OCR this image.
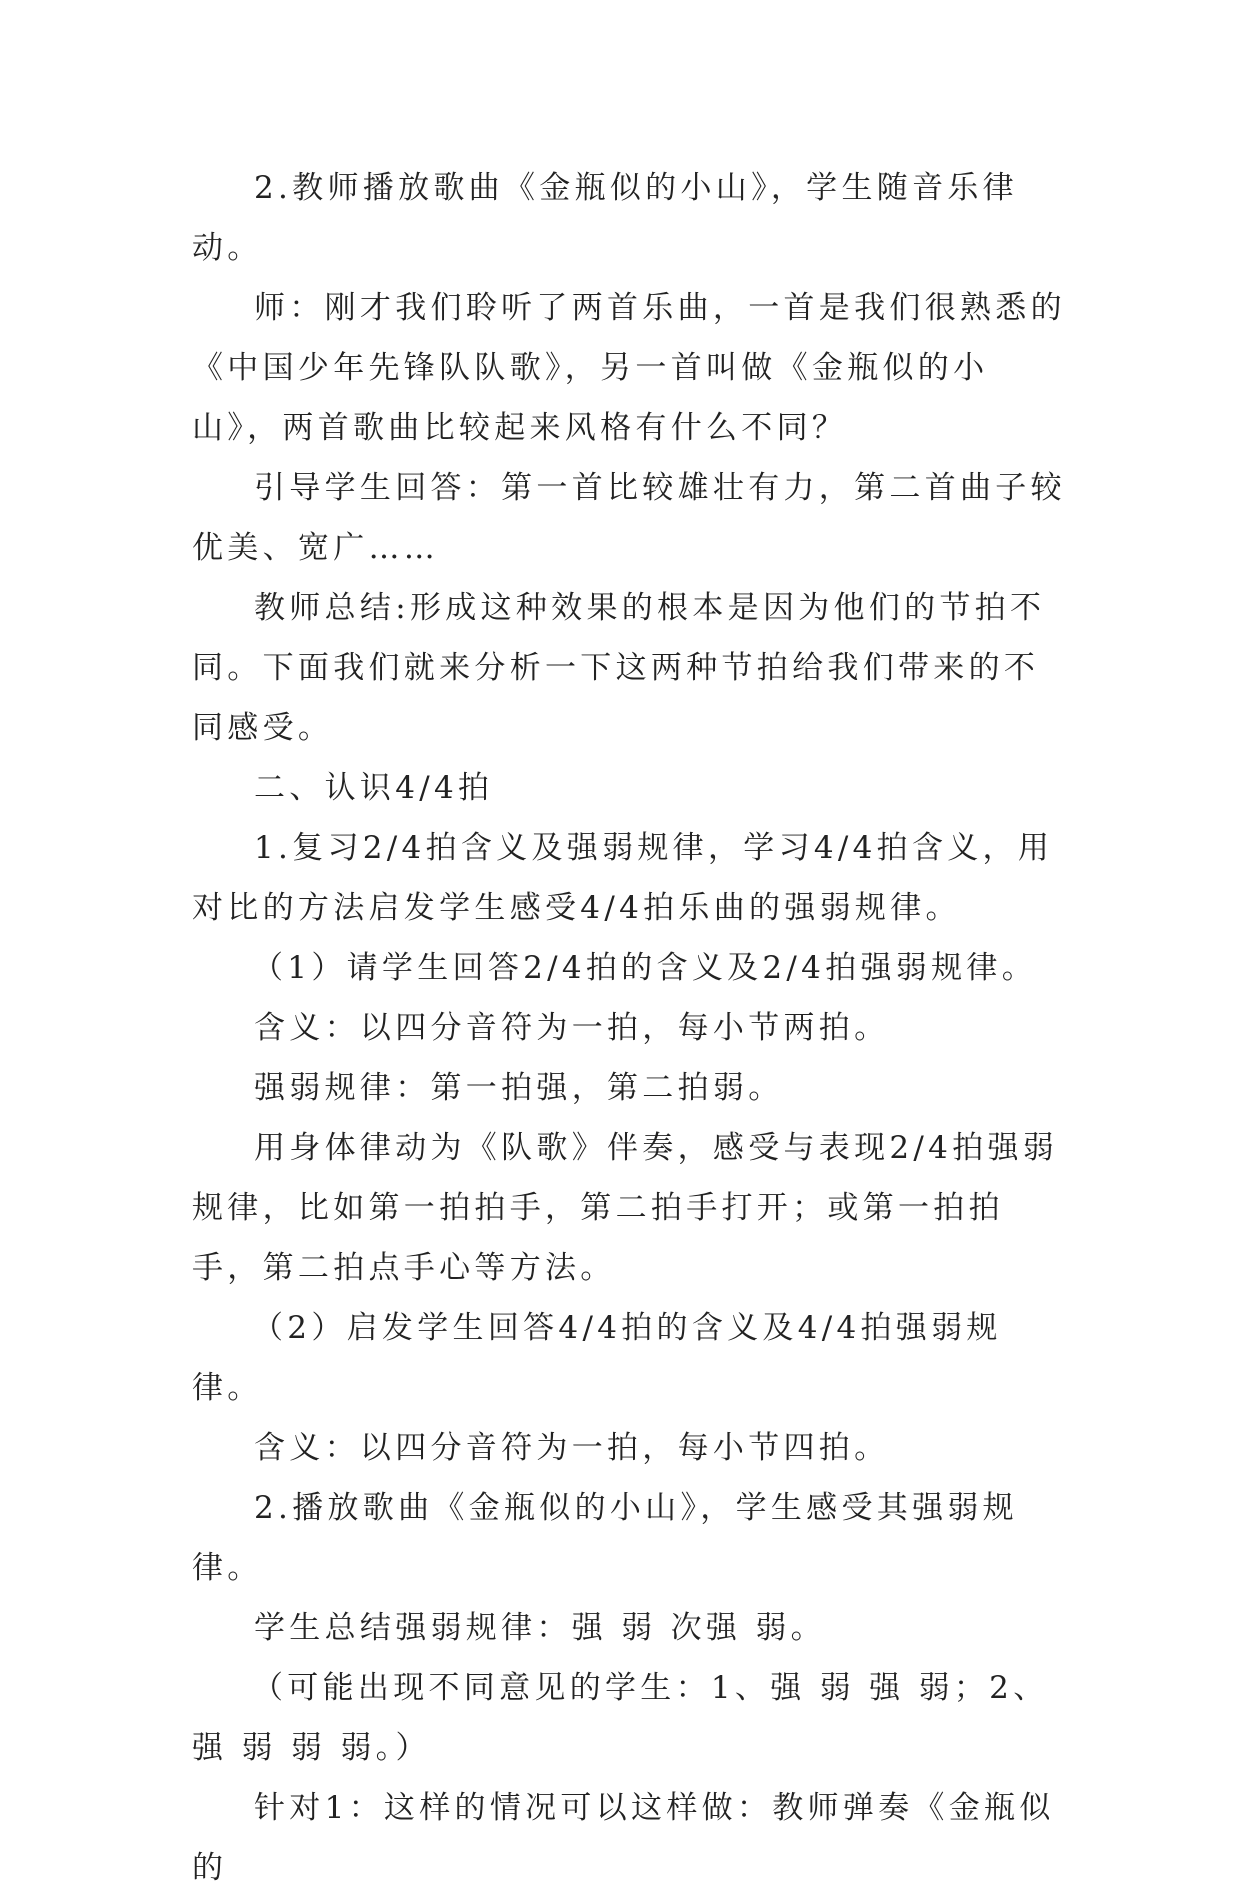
2.教师播放歌曲《金瓶似的小山》，学生随音乐律动。

师：刚才我们聆听了两首乐曲，一首是我们很熟悉的《中国少年先锋队队歌》，另一首叫做《金瓶似的小山》，两首歌曲比较起来风格有什么不同？

引导学生回答：第一首比较雄壮有力，第二首曲子较优美、宽广……

教师总结:形成这种效果的根本是因为他们的节拍不同。下面我们就来分析一下这两种节拍给我们带来的不同感受。

二、认识4/4拍

1.复习2/4拍含义及强弱规律，学习4/4拍含义，用对比的方法启发学生感受4/4拍乐曲的强弱规律。

（1）请学生回答2/4拍的含义及2/4拍强弱规律。

含义：以四分音符为一拍，每小节两拍。

强弱规律：第一拍强，第二拍弱。

用身体律动为《队歌》伴奏，感受与表现2/4拍强弱规律，比如第一拍拍手，第二拍手打开；或第一拍拍手，第二拍点手心等方法。

（2）启发学生回答4/4拍的含义及4/4拍强弱规律。

含义：以四分音符为一拍，每小节四拍。

2.播放歌曲《金瓶似的小山》，学生感受其强弱规律。

学生总结强弱规律：强 弱 次强 弱。

（可能出现不同意见的学生：1、强 弱 强 弱；2、强 弱 弱 弱。）

针对1：这样的情况可以这样做：教师弹奏《金瓶似的
